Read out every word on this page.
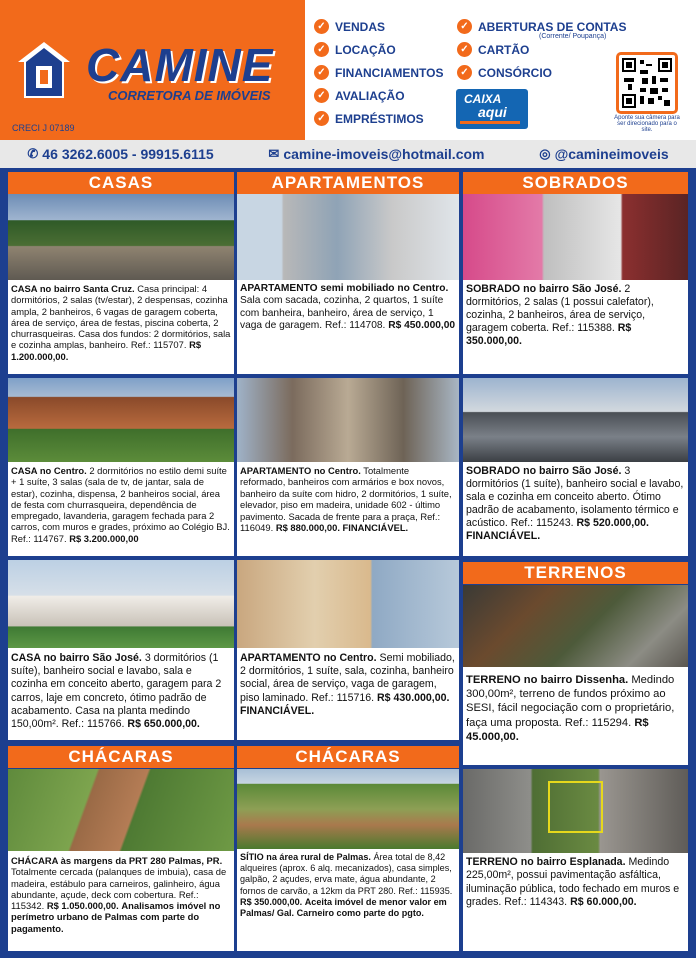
CAMINE
CORRETORA DE IMÓVEIS
CRECI J 07189
✓ VENDAS
✓ LOCAÇÃO
✓ FINANCIAMENTOS
✓ AVALIAÇÃO
✓ EMPRÉSTIMOS
✓ ABERTURAS DE CONTAS
(Corrente/ Poupança)
✓ CARTÃO
✓ CONSÓRCIO
CAIXA
aqui	Aponte sua câmera para ser direcionado para o site.
✆ 46 3262.6005 - 99915.6115	✉ camine-imoveis@hotmail.com	◎ @camineimoveis
CASAS	APARTAMENTOS	SOBRADOS
CASA no bairro Santa Cruz. Casa principal: 4 dormitórios, 2 salas (tv/estar), 2 despensas, cozinha ampla, 2 banheiros, 6 vagas de garagem coberta, área de serviço, área de festas, piscina coberta, 2 churrasqueiras. Casa dos fundos: 2 dormitórios, sala e cozinha amplas, banheiro. Ref.: 115707. R$ 1.200.000,00.
APARTAMENTO semi mobiliado no Centro. Sala com sacada, cozinha, 2 quartos, 1 suíte com banheira, banheiro, área de serviço, 1 vaga de garagem. Ref.: 114708. R$ 450.000,00
SOBRADO no bairro São José. 2 dormitórios, 2 salas (1 possui calefator), cozinha, 2 banheiros, área de serviço, garagem coberta. Ref.: 115388. R$ 350.000,00.
CASA no Centro. 2 dormitórios no estilo demi suíte + 1 suíte, 3 salas (sala de tv, de jantar, sala de estar), cozinha, dispensa, 2 banheiros social, área de festa com churrasqueira, dependência de empregado, lavanderia, garagem fechada para 2 carros, com muros e grades, próximo ao Colégio BJ. Ref.: 114767. R$ 3.200.000,00
APARTAMENTO no Centro. Totalmente reformado, banheiros com armários e box novos, banheiro da suíte com hidro, 2 dormitórios, 1 suíte, elevador, piso em madeira, unidade 602 - último pavimento. Sacada de frente para a praça, Ref.: 116049. R$ 880.000,00. FINANCIÁVEL.
SOBRADO no bairro São José. 3 dormitórios (1 suíte), banheiro social e lavabo, sala e cozinha em conceito aberto. Ótimo padrão de acabamento, isolamento térmico e acústico. Ref.: 115243. R$ 520.000,00. FINANCIÁVEL.
CASA no bairro São José. 3 dormitórios (1 suíte), banheiro social e lavabo, sala e cozinha em conceito aberto, garagem para 2 carros, laje em concreto, ótimo padrão de acabamento. Casa na planta medindo 150,00m². Ref.: 115766. R$ 650.000,00.
APARTAMENTO no Centro. Semi mobiliado, 2 dormitórios, 1 suíte, sala, cozinha, banheiro social, área de serviço, vaga de garagem, piso laminado. Ref.: 115716. R$ 430.000,00. FINANCIÁVEL.
TERRENOS
TERRENO no bairro Dissenha. Medindo 300,00m², terreno de fundos próximo ao SESI, fácil negociação com o proprietário, faça uma proposta. Ref.: 115294. R$ 45.000,00.
CHÁCARAS	CHÁCARAS
CHÁCARA às margens da PRT 280 Palmas, PR. Totalmente cercada (palanques de imbuia), casa de madeira, estábulo para carneiros, galinheiro, água abundante, açude, deck com cobertura. Ref.: 115342. R$ 1.050.000,00. Analisamos imóvel no perímetro urbano de Palmas com parte do pagamento.
SÍTIO na área rural de Palmas. Área total de 8,42 alqueires (aprox. 6 alq. mecanizados), casa simples, galpão, 2 açudes, erva mate, água abundante, 2 fornos de carvão, a 12km da PRT 280. Ref.: 115935. R$ 350.000,00. Aceita imóvel de menor valor em Palmas/ Gal. Carneiro como parte do pgto.
TERRENO no bairro Esplanada. Medindo 225,00m², possui pavimentação asfáltica, iluminação pública, todo fechado em muros e grades. Ref.: 114343. R$ 60.000,00.
